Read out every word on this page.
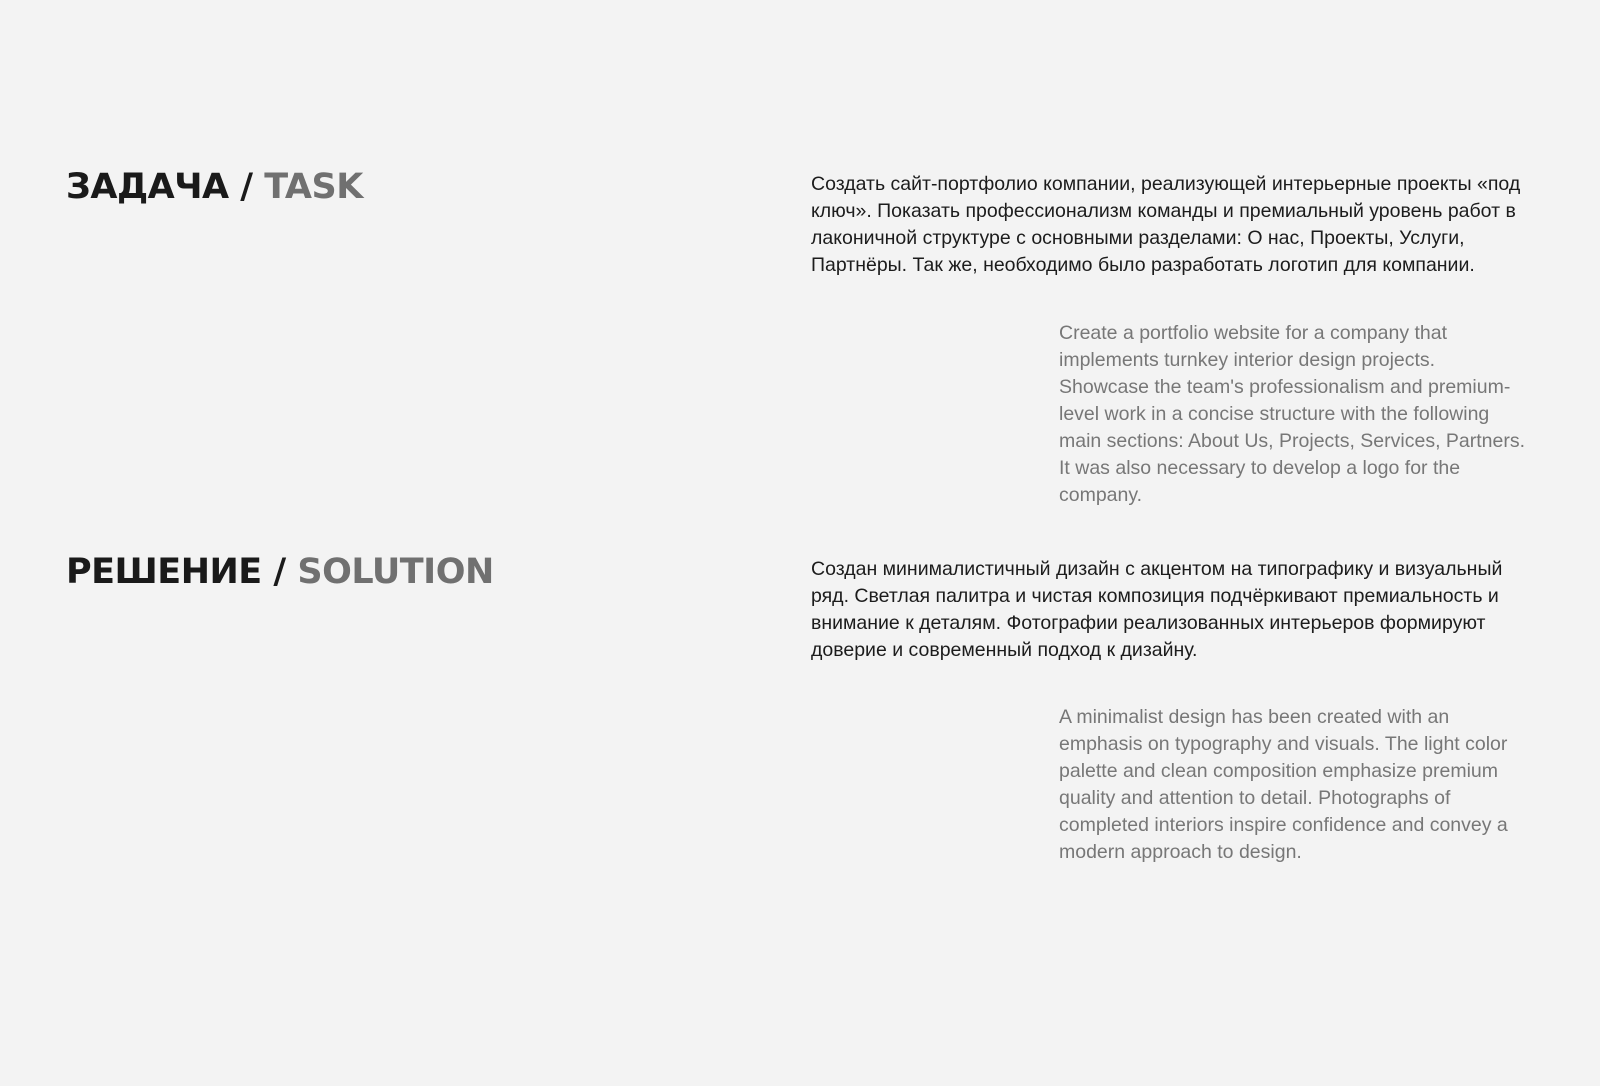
ЗАДАЧА / TASK	Создать сайт-портфолио компании, реализующей интерьерные проекты «под ключ». Показать профессионализм команды и премиальный уровень работ в лаконичной структуре с основными разделами: О нас, Проекты, Услуги, Партнёры. Так же, необходимо было разработать логотип для компании.

Create a portfolio website for a company that implements turnkey interior design projects. Showcase the team's professionalism and premium-level work in a concise structure with the following main sections: About Us, Projects, Services, Partners. It was also necessary to develop a logo for the company.

РЕШЕНИЕ / SOLUTION	Создан минималистичный дизайн с акцентом на типографику и визуальный ряд. Светлая палитра и чистая композиция подчёркивают премиальность и внимание к деталям. Фотографии реализованных интерьеров формируют доверие и современный подход к дизайну.

A minimalist design has been created with an emphasis on typography and visuals. The light color palette and clean composition emphasize premium quality and attention to detail. Photographs of completed interiors inspire confidence and convey a modern approach to design.
